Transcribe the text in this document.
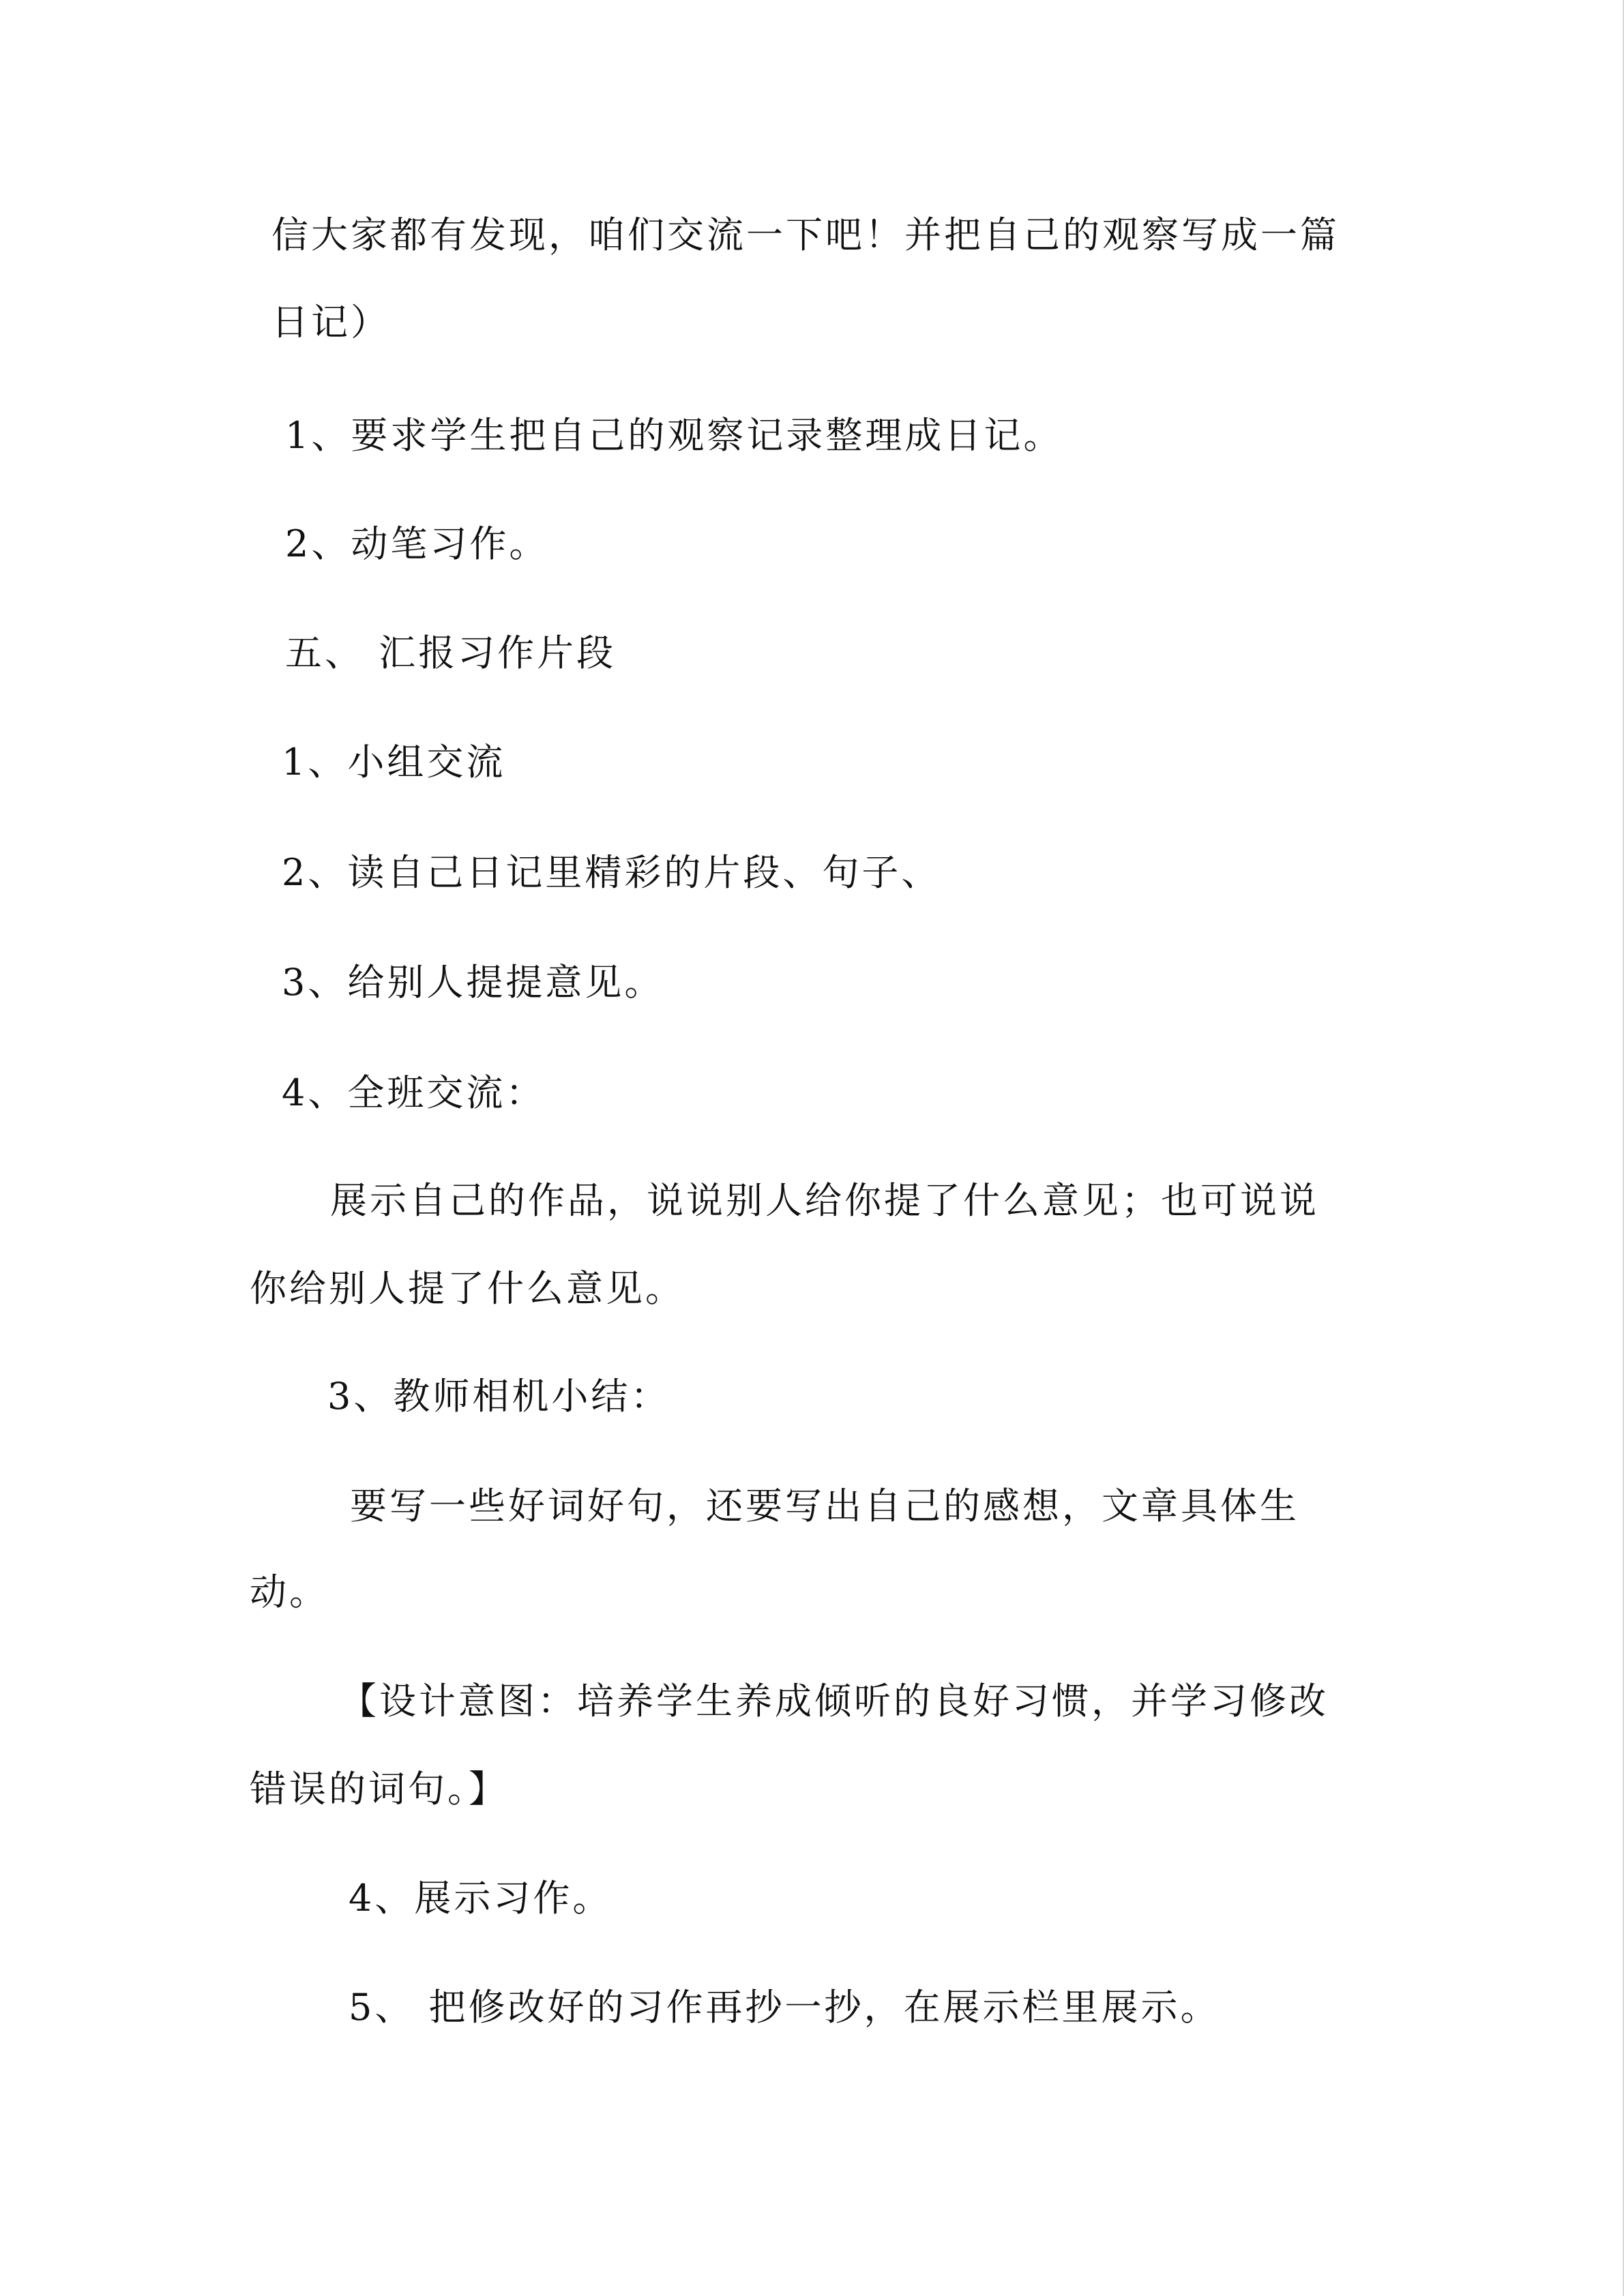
信大家都有发现，咱们交流一下吧！并把自己的观察写成一篇
日记）
1、要求学生把自己的观察记录整理成日记。
2、动笔习作。
五、 汇报习作片段
1、小组交流
2、读自己日记里精彩的片段、句子、
3、给别人提提意见。
4、全班交流：
展示自己的作品，说说别人给你提了什么意见；也可说说
你给别人提了什么意见。
3、教师相机小结：
要写一些好词好句，还要写出自己的感想，文章具体生
动。
【设计意图：培养学生养成倾听的良好习惯，并学习修改
错误的词句。】
4、展示习作。
5、 把修改好的习作再抄一抄，在展示栏里展示。
